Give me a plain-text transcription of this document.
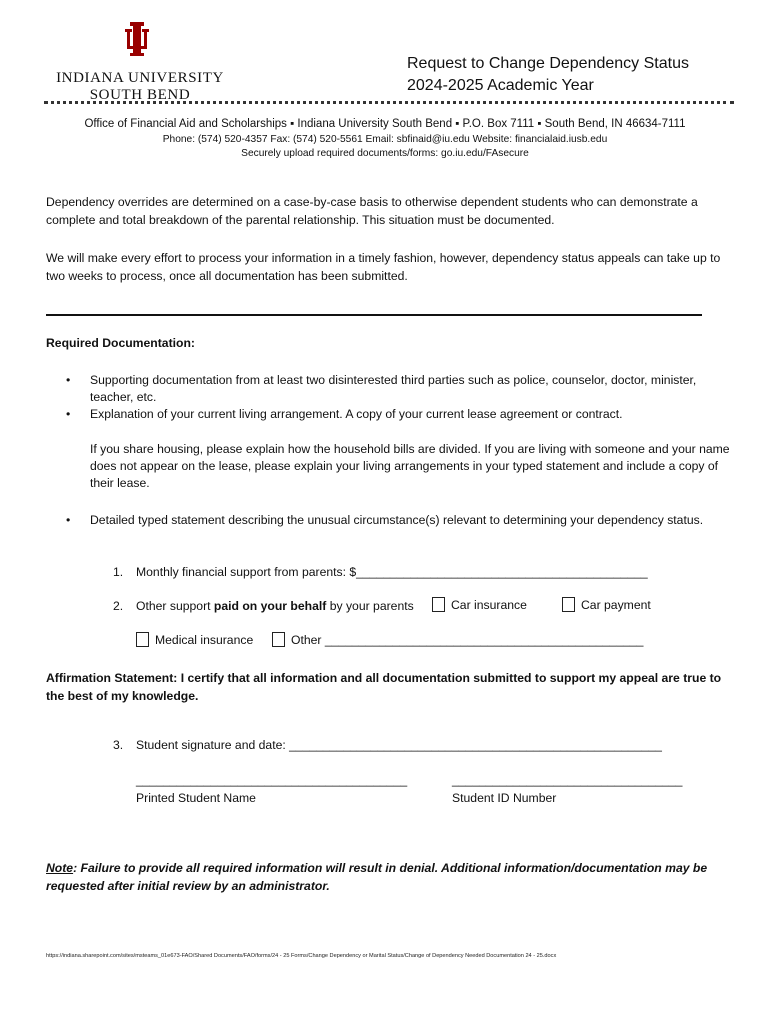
INDIANA UNIVERSITY
SOUTH BEND
Request to Change Dependency Status
2024-2025 Academic Year
Office of Financial Aid and Scholarships ▪ Indiana University South Bend ▪ P.O. Box 7111 ▪ South Bend, IN 46634-7111
Phone: (574) 520-4357 Fax: (574) 520-5561 Email: sbfinaid@iu.edu Website: financialaid.iusb.edu
Securely upload required documents/forms: go.iu.edu/FAsecure
Dependency overrides are determined on a case-by-case basis to otherwise dependent students who can demonstrate a complete and total breakdown of the parental relationship. This situation must be documented.
We will make every effort to process your information in a timely fashion, however, dependency status appeals can take up to two weeks to process, once all documentation has been submitted.
Required Documentation:
• Supporting documentation from at least two disinterested third parties such as police, counselor, doctor, minister, teacher, etc.
• Explanation of your current living arrangement. A copy of your current lease agreement or contract.
If you share housing, please explain how the household bills are divided. If you are living with someone and your name does not appear on the lease, please explain your living arrangements in your typed statement and include a copy of their lease.
• Detailed typed statement describing the unusual circumstance(s) relevant to determining your dependency status.
1. Monthly financial support from parents: $___________________________________________
2. Other support paid on your behalf by your parents	Car insurance	Car payment
Medical insurance	Other _______________________________________________
Affirmation Statement: I certify that all information and all documentation submitted to support my appeal are true to the best of my knowledge.
3. Student signature and date: _______________________________________________________
________________________________________
Printed Student Name
__________________________________
Student ID Number
Note: Failure to provide all required information will result in denial. Additional information/documentation may be requested after initial review by an administrator.
https://indiana.sharepoint.com/sites/msteams_01e673-FAO/Shared Documents/FAO/forms/24 - 25 Forms/Change Dependency or Marital Status/Change of Dependency Needed Documentation 24 - 25.docx
